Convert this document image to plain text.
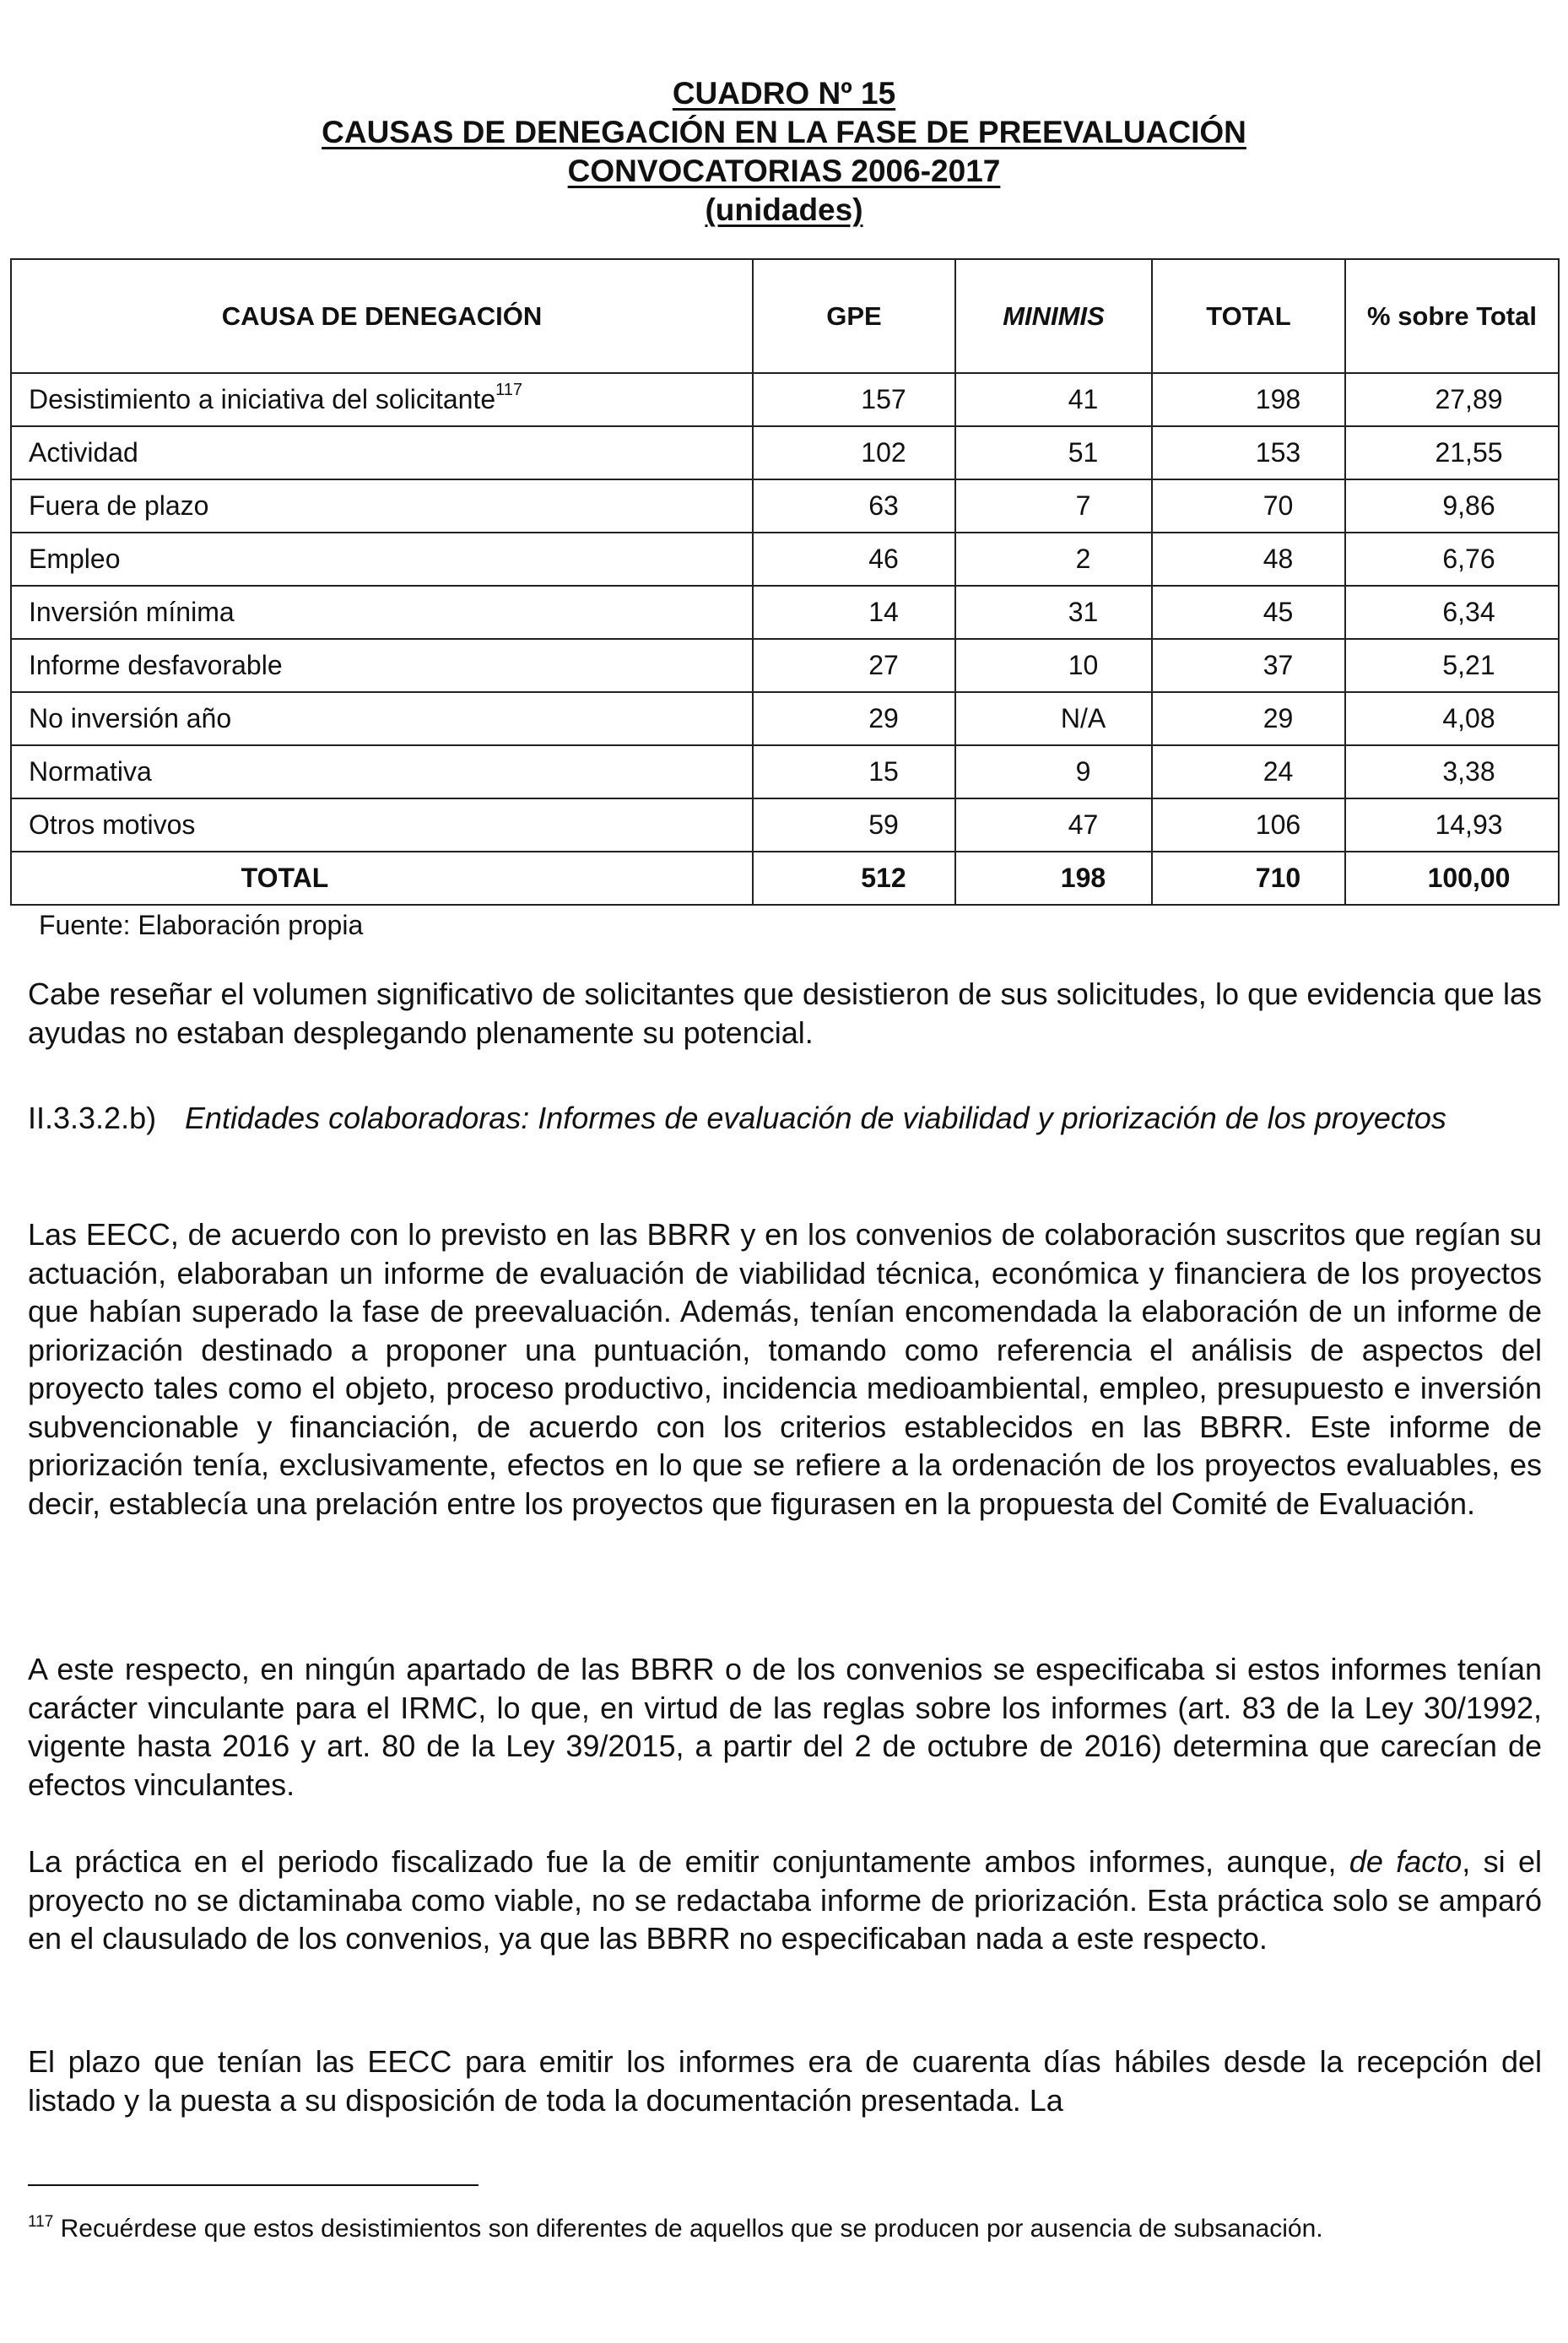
CUADRO Nº 15
CAUSAS DE DENEGACIÓN EN LA FASE DE PREEVALUACIÓN
CONVOCATORIAS 2006-2017
(unidades)
CAUSA DE DENEGACIÓN	GPE	MINIMIS	TOTAL	% sobre Total
Desistimiento a iniciativa del solicitante$^{117}$	157	41	198	27,89
Actividad	102	51	153	21,55
Fuera de plazo	63	7	70	9,86
Empleo	46	2	48	6,76
Inversión mínima	14	31	45	6,34
Informe desfavorable	27	10	37	5,21
No inversión año	29	N/A	29	4,08
Normativa	15	9	24	3,38
Otros motivos	59	47	106	14,93
TOTAL	512	198	710	100,00
Fuente: Elaboración propia
Cabe reseñar el volumen significativo de solicitantes que desistieron de sus solicitudes, lo que evidencia que las ayudas no estaban desplegando plenamente su potencial.
II.3.3.2.b) Entidades colaboradoras: Informes de evaluación de viabilidad y priorización de los proyectos
Las EECC, de acuerdo con lo previsto en las BBRR y en los convenios de colaboración suscritos que regían su actuación, elaboraban un informe de evaluación de viabilidad técnica, económica y financiera de los proyectos que habían superado la fase de preevaluación. Además, tenían encomendada la elaboración de un informe de priorización destinado a proponer una puntuación, tomando como referencia el análisis de aspectos del proyecto tales como el objeto, proceso productivo, incidencia medioambiental, empleo, presupuesto e inversión subvencionable y financiación, de acuerdo con los criterios establecidos en las BBRR. Este informe de priorización tenía, exclusivamente, efectos en lo que se refiere a la ordenación de los proyectos evaluables, es decir, establecía una prelación entre los proyectos que figurasen en la propuesta del Comité de Evaluación.
A este respecto, en ningún apartado de las BBRR o de los convenios se especificaba si estos informes tenían carácter vinculante para el IRMC, lo que, en virtud de las reglas sobre los informes (art. 83 de la Ley 30/1992, vigente hasta 2016 y art. 80 de la Ley 39/2015, a partir del 2 de octubre de 2016) determina que carecían de efectos vinculantes.
La práctica en el periodo fiscalizado fue la de emitir conjuntamente ambos informes, aunque, de facto, si el proyecto no se dictaminaba como viable, no se redactaba informe de priorización. Esta práctica solo se amparó en el clausulado de los convenios, ya que las BBRR no especificaban nada a este respecto.
El plazo que tenían las EECC para emitir los informes era de cuarenta días hábiles desde la recepción del listado y la puesta a su disposición de toda la documentación presentada. La
$^{117}$ Recuérdese que estos desistimientos son diferentes de aquellos que se producen por ausencia de subsanación.
